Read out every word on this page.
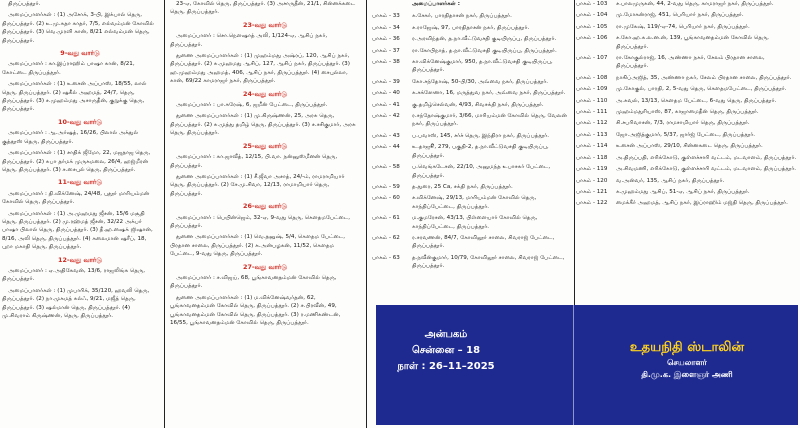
திருப்பத்தூர்.
அமைப்பாளர்கள் : (1) அசோக், 3-பி, இக்பால் தெரு, திருப்பத்தூர். (2) உ.மு.சுதா காதர், 7/5, எல்வம்மன் கோவில் திருப்பத்தூர். (3) வெ.முரளி கான், 8/21 எல்வம்மன் தெரு, திருப்பத்தூர்.
9-வது வார்டு
அமைப்பாளர் : கா.இப்ராஹிம் பாஷா கான், 8/21, கோட்டை திருப்பத்தூர்.
அமைப்பாளர்கள் : (1) உசைன் அப்பாஸ், 18/55, லால் தெரு, திருப்பத்தூர். (2) ஷகீல் அஹமத், 24/7, தெரு, திருப்பத்தூர். (3) ச.முஹம்மது அசாருதீன், குறுக்கு தெரு, திருப்பத்தூர்.
10-வது வார்டு
அமைப்பாளர் : ஆ.அர்ஷத், 16/26, பிலால் அக்துல் குத்தூஸ் தெரு, திருப்பத்தூர்.
அமைப்பாளர்கள் : (1) சாதிக் ஜீமோ, 22, மஜதாஜ தெரு, திருப்பத்தூர். (2) சுபா தர்மக் முருகமலை, 26/4, ஹஜ்மீரன் தெரு, திருப்பத்தூர். (3) ச.சைபுல் தெரு, திருப்பத்தூர்.
11-வது வார்டு
அமைப்பாளர் : தி.விக்னேஷ், 24/48, புதூர் மாரியம்மன் கோவில் தெரு, திருப்பத்தூர்.
அமைப்பாளர்கள் : (1) அ.முஹமது ஜீசன், 15/6 மசூதி தெரு, திருப்பத்தூர். (2) மு.ரஹ்மத் ஜீசன், 32/22 அக்பர் பாஷா பிலால் தெரு, திருப்பத்தூர். (3) தீ.ஹ.ஷைக் ஜிஷான், 8/16, அலி தெரு, திருப்பத்தூர். (4) சுலைமான் ஷரீப், 18, புறா மகாதி தெரு, திருப்பத்தூர்.
12-வது வார்டு
அமைப்பாளர் : ஏ.அதிகேவன், 13/6, ராஜலிங்க தெரு, திருப்பத்தூர்.
அமைப்பாளர்கள் : (1) முபாரிக், 35/120, ஹவலி தெரு, திருப்பத்தூர். (2) நா.முகமத் சுல்ஃ, 9/21, மஜீத் தெரு, திருப்பத்தூர். (3) ஷல்மான் தெரு, திருப்பத்தூர். (4) மு.சிவராம் கிருஷ்ணன், தெரு, திருப்பத்தூர்.
23-ஏ, கோவில் தெரு, திருப்பத்தூர். (3) அசாருதீன், 21/1, சின்னக்கடை தெரு, திருப்பத்தூர்.
23-வது வார்டு
அமைப்பாளர் : சொ.நௌஷாத் அலி, 1/124-ஏ, ஆசிப் நகர், திருப்பத்தூர்.
துணை அமைப்பாளர்கள் : (1) முஹம்மது அஷ்ரப், 120, ஆசிப் நகர், திருப்பத்தூர். (2) சு.முஹமது ஆசிப், 127, ஆசிப் நகர், திருப்பத்தூர். (3) ஹ.முஹம்மது அஹமத், 406, ஆசிப் நகர், திருப்பத்தூர். (4) சைபுல்லா, கான், 69/22 காமராஜர் நகர், திருப்பத்தூர்.
24-வது வார்டு
அமைப்பாளர் : பா.சுரேஷ், 6, ஜமீன் பேட்டை, திருப்பத்தூர்.
துணை அமைப்பாளர்கள் : (1) மு.கிருஷ்ணன், 25, அரசு தெரு, திருப்பத்தூர். (2) சு.முத்து தமிழ் தெரு, திருப்பத்தூர். (3) ச.சசிகுமார், அரசு தெரு, திருப்பத்தூர்.
25-வது வார்டு
அமைப்பாளர் : கா.ஜாவீத், 12/15, பி.வா. நன்னுஸ்மீனன் தெரு, திருப்பத்தூர்.
துணை அமைப்பாளர்கள் : (1) சீ.ஜீவா அசாத், 24/-ம், ராமராமியார் தெரு, திருப்பத்தூர். (2) சே.மு.சிவா, 12/13, ராமாமியார் தெரு, திருப்பத்தூர்.
26-வது வார்டு
அமைப்பாளர் : பெயின்ஜெம், 32-ஏ, 9-வது தெரு, கௌதமபேட்டை, திருப்பத்தூர்.
துணை அமைப்பாளர்கள் : (1) வெ.தனுஷ், 5/4, கௌதம பேட்டை, பிரதான சாலை, திருப்பத்தூர். (2) சு.அன்பழகன், 11/52, கௌதம பேட்டை, 9-வது தெரு, திருப்பத்தூர்.
27-வது வார்டு
அமைப்பாளர் : ச.விஜய், 68, பூங்காவனதம்மன் கோவில் தெரு, திருப்பத்தூர்.
துணை அமைப்பாளர்கள் : (1) ம.விக்னேஷ்வர்தன், 62, பூங்காவனதம்மன் கோவில் தெரு, திருப்பத்தூர். (2) ச.பிரவீன், 49, பூங்காவனதம்மன் கோவில் தெரு, திருப்பத்தூர். (3) ர.மணிகண்டன், 16/55, பூங்காவனதம்மன் கோவில் தெரு, திருப்பத்தூர்.
அமைப்பாளர்கள் :
பாகம் - 33	க.சேகர், பாரதிதாசன் நகர், திருப்பத்தூர்.
பாகம் - 34	ச.ராஜேஷ், 97, பாரதிதாசன் நகர், திருப்பத்தூர்.
பாகம் - 36	ர.அரவிந்தன், த.நா.வீட்டுவசதி குடியிருப்பு, திருப்பத்தூர்.
பாகம் - 37	ரா.கோபிநாத், த.நா.வீட்டுவசதி குடியிருப்பு, திருப்பத்தூர்.
பாகம் - 38	கா.விக்னேஷ்குமார், 950, த.நா.வீட்டுவசதி குடியிருப்பு, திருப்பத்தூர்.
பாகம் - 39	கோ.சந்தோஷ், 50-பி/30, அவ்வை நகர், திருப்பத்தூர்.
பாகம் - 40	க.சக்ஸேனா, 16, மருத்துவ நகர், அவ்வை நகர், திருப்பத்தூர்.
பாகம் - 41	கு.தமிழ்செல்வன், 4/93, சிவசக்தி நகர், திருப்பத்தூர்.
பாகம் - 42	ர.சந்தோஷ்குமார், 3/66, மாரியம்மன் கோவில் தெரு, வேலன் நகர், திருப்பத்தூர்.
பாகம் - 43	ப.பவாஸ், 145, சர்ச் தெரு, இந்திரா நகர், திருப்பத்தூர்.
பாகம் - 44	உ.தாஜூ, 279, பகுதி-2, த.நா.வீட்டுவசதி குடியிருப்பு, திருப்பத்தூர்.
பாகம் - 58	ப.வெங்கடேசன், 22/10, அனுமந்த உபாசகர் பேட்டை, திருப்பத்தூர்.
பாகம் - 59	த.துரை, 25 Ca, சக்தி நகர், திருப்பத்தூர்.
பாகம் - 60	ச.விக்னேஷ், 29/13, மாரியம்மன் கோவில் தெரு, காந்திப்பேட்டை, திருப்பத்தூர்.
பாகம் - 61	ம.குமரேசன், 43/13, பிள்ளையார் கோவில் தெரு, காந்திப்பேட்டை, திருப்பத்தூர்.
பாகம் - 62	ர.சரவணன், 84/7, கோவிலூர் சாலை, சிவராஜ் பேட்டை, திருப்பத்தூர்.
பாகம் - 63	த.நவீன்குமார், 10/79, கோவிலூர் சாலை, சிவராஜ் பேட்டை, திருப்பத்தூர்.
பாகம் - 103	ச.பாலமுருகன், 44, 2-வது தெரு, காமராஜர் நகர், திருப்பத்தூர்.
பாகம் - 104	மு.மோகன்ராஜ், 451, பெரியார் நகர், திருப்பத்தூர்.
பாகம் - 105	ரா.முகேஷ், 119/-ஏ-74, பெரியார் நகர், திருப்பத்தூர்.
பாகம் - 106	ச.கோ.ஹ.க.ல.ன.ன், 139, பூங்காவனதம்மன் கோவில் தெரு, திருப்பத்தூர்.
பாகம் - 107	ரா.கோகுல்ராஜ், 16, அண்ணா நகர், சேலம் பிரதான சாலை, திருப்பத்தூர்.
பாகம் - 108	நாகிப்அஜித், 35, அண்ணா நகர், சேலம் பிரதான சாலை, திருப்பத்தூர்.
பாகம் - 109	மு.கோகுல், பாரதி, 2, 5-வது தெரு, கௌதமபேட்டை, திருப்பத்தூர்.
பாகம் - 110	அ.சுவல், 13/13, கௌதம பேட்டை, 6-வது தெரு, திருப்பத்தூர்.
பாகம் - 111	முஹம்மதுரியாஸ், 87, காஜாமைதீன் தெரு, திருப்பத்தூர்.
பாகம் - 112	சி.சபரிவாசன், 7/3, ராமசாமியார் தெரு, திருப்பத்தூர்.
பாகம் - 113	ஜோ.அஜித்குமார், 5/37, ஜார்ஜ் பேட்டை, திருப்பத்தூர்.
பாகம் - 114	உசைன் அப்பாஸ், 29/10, சின்னகடை தெரு, திருப்பத்தூர்.
பாகம் - 118	அ.திருப்பதி, எரிக்கோடு, குள்ளச்சாரி வட்டம், மடவாளம், திருப்பத்தூர்.
பாகம் - 119	அ.சிவமணி, எரிக்கோடு, குள்ளச்சாரி வட்டம், மடவாளம், திருப்பத்தூர்.
பாகம் - 120	வ.அன்வர், 135, ஆசிப் நகர், திருப்பத்தூர்.
பாகம் - 121	க.முஹம்மது ஆசிப், 51-ஏ, ஆசிப் நகர், திருப்பத்தூர்.
பாகம் - 122	மைக்கீர் அஹமத், ஆசிப் நகர், இப்ராஹிம் மஜ்தி தெரு, திருப்பத்தூர்.
அன்பகம்
சென்னை – 18
நாள் : 26–11–2025
உதயநிதி ஸ்டாலின்
செயலாளர்
தி.மு.க. இளைஞர் அணி
